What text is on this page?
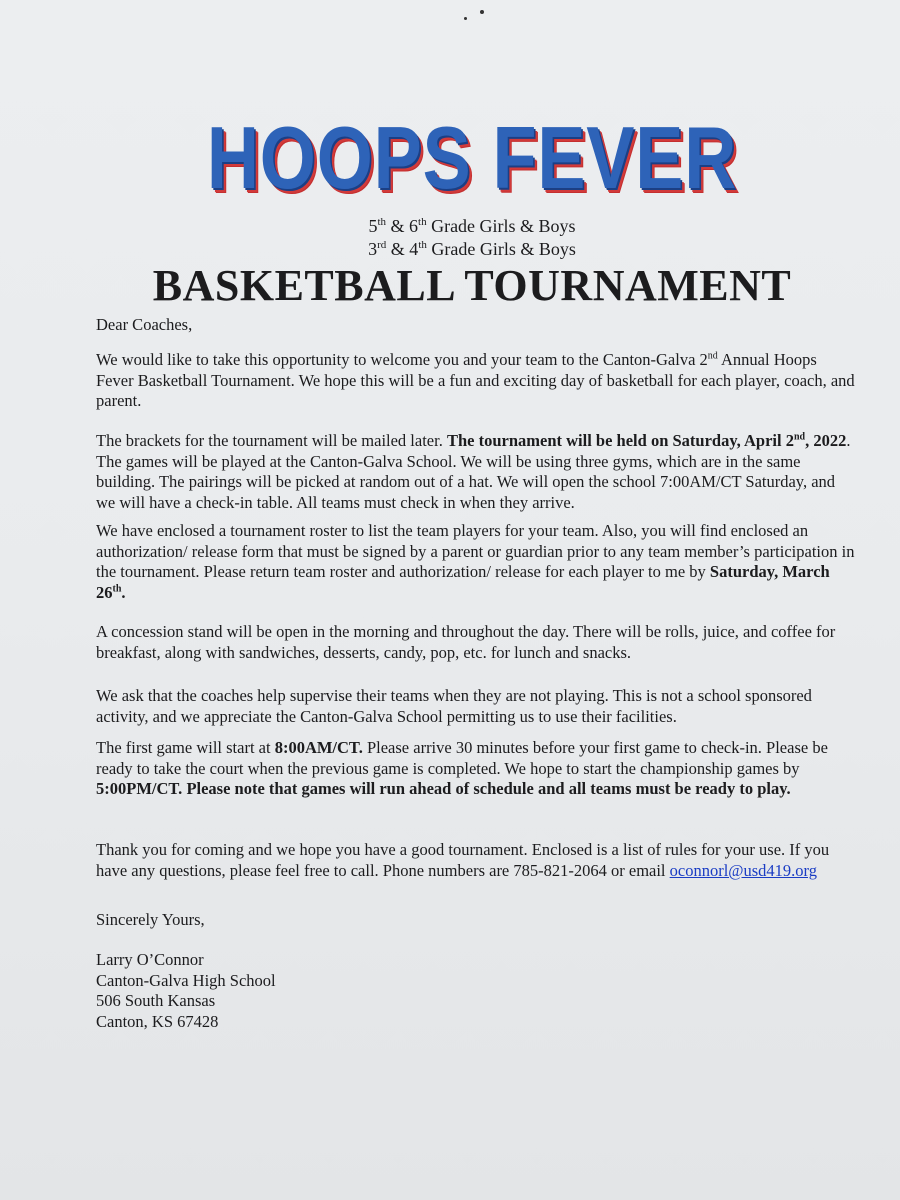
HOOPS FEVER
5th & 6th Grade Girls & Boys
3rd & 4th Grade Girls & Boys
BASKETBALL TOURNAMENT
Dear Coaches,

We would like to take this opportunity to welcome you and your team to the Canton-Galva 2nd Annual Hoops Fever Basketball Tournament. We hope this will be a fun and exciting day of basketball for each player, coach, and parent.

The brackets for the tournament will be mailed later. The tournament will be held on Saturday, April 2nd, 2022. The games will be played at the Canton-Galva School. We will be using three gyms, which are in the same building. The pairings will be picked at random out of a hat. We will open the school 7:00AM/CT Saturday, and we will have a check-in table. All teams must check in when they arrive.

We have enclosed a tournament roster to list the team players for your team. Also, you will find enclosed an authorization/ release form that must be signed by a parent or guardian prior to any team member’s participation in the tournament. Please return team roster and authorization/ release for each player to me by Saturday, March 26th.

A concession stand will be open in the morning and throughout the day. There will be rolls, juice, and coffee for breakfast, along with sandwiches, desserts, candy, pop, etc. for lunch and snacks.
We ask that the coaches help supervise their teams when they are not playing. This is not a school sponsored activity, and we appreciate the Canton-Galva School permitting us to use their facilities.

The first game will start at 8:00AM/CT. Please arrive 30 minutes before your first game to check-in. Please be ready to take the court when the previous game is completed. We hope to start the championship games by 5:00PM/CT. Please note that games will run ahead of schedule and all teams must be ready to play.

Thank you for coming and we hope you have a good tournament. Enclosed is a list of rules for your use. If you have any questions, please feel free to call. Phone numbers are 785-821-2064 or email oconnorl@usd419.org

Sincerely Yours,
Larry O’Connor
Canton-Galva High School
506 South Kansas
Canton, KS 67428
